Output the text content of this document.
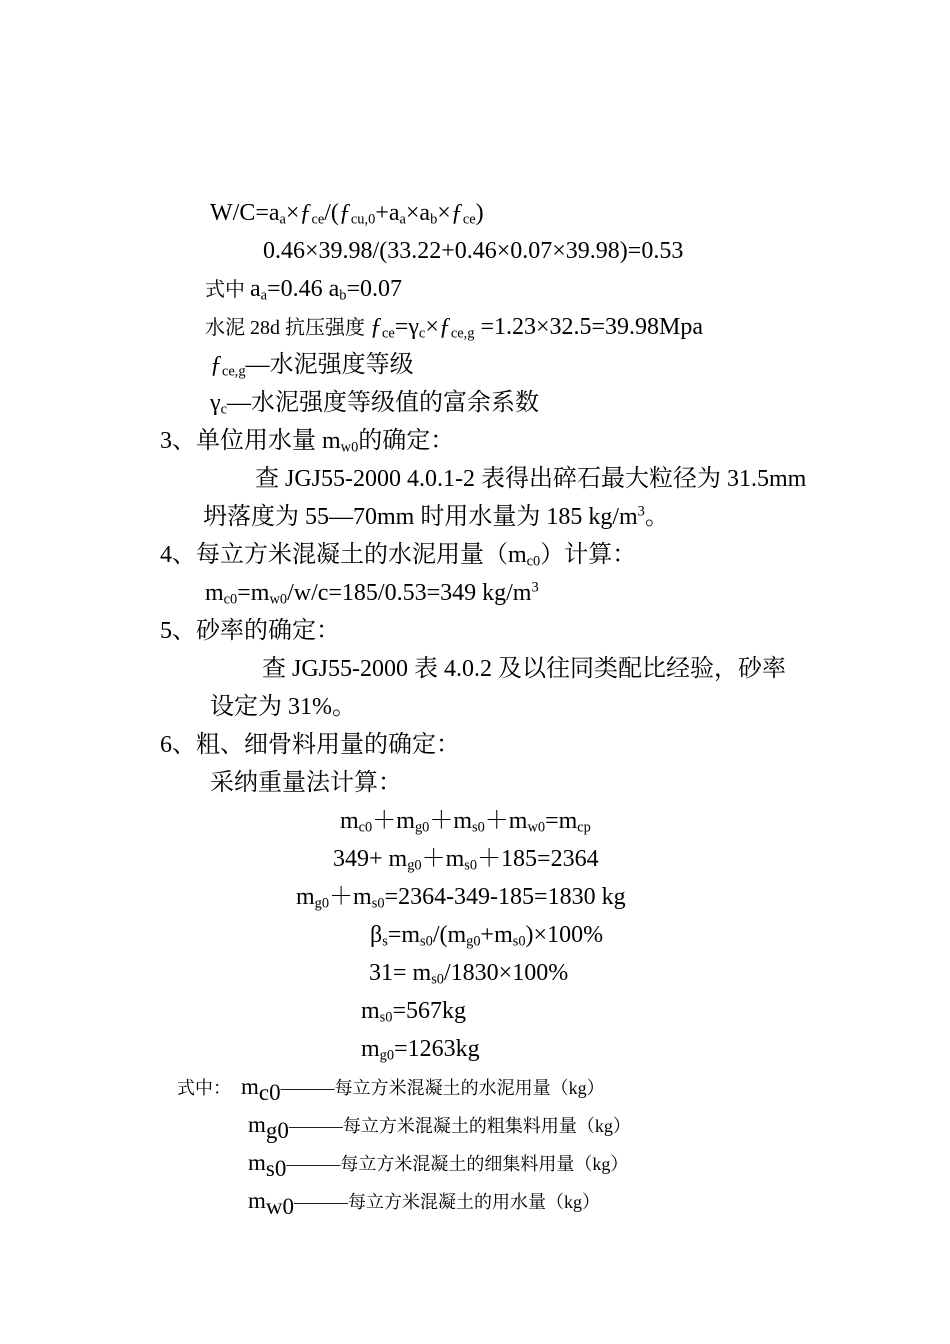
$W/C=a_a\times ƒ_{ce}/(ƒ_{cu,0}+a_a\times a_b\times ƒ_{ce})$
0.46×39.98/(33.22+0.46×0.07×39.98)=0.53
式中 $a_a=0.46$ $a_b=0.07$
水泥 28d 抗压强度 $ƒ_{ce}=\gamma_c\times ƒ_{ce,g} =1.23\times 32.5=39.98Mpa$
$ƒ_{ce,g}—$水泥强度等级
$\gamma_c—$水泥强度等级值的富余系数
3、单位用水量 $m_{w0}$的确定：
查 JGJ55-2000 4.0.1-2 表得出碎石最大粒径为 31.5mm
坍落度为 55—70mm 时用水量为 185 $kg/m^3$。
4、每立方米混凝土的水泥用量$(m_{c0})$计算：
$m_{c0}=m_{w0}/w/c=185/0.53=349$ $kg/m^3$
5、砂率的确定：
查 JGJ55-2000 表 4.0.2 及以往同类配比经验，砂率
设定为 31%。
6、粗、细骨料用量的确定：
采纳重量法计算：
$m_{c0}+m_{g0}+m_{s0}+m_{w0}=m_{cp}$
$349+ m_{g0}+m_{s0}+185=2364$
$m_{g0}+m_{s0}=2364-349-185=1830$ kg
$\beta_s=m_{s0}/(m_{g0}+m_{s0})\times 100\%$
$31= m_{s0}/1830\times 100\%$
$m_{s0}=567kg$
$m_{g0}=1263kg$
式中： $m_{c0}———$每立方米混凝土的水泥用量（kg）
$m_{g0}———$每立方米混凝土的粗集料用量（kg）
$m_{s0}———$每立方米混凝土的细集料用量（kg）
$m_{w0}———$每立方米混凝土的用水量（kg）
